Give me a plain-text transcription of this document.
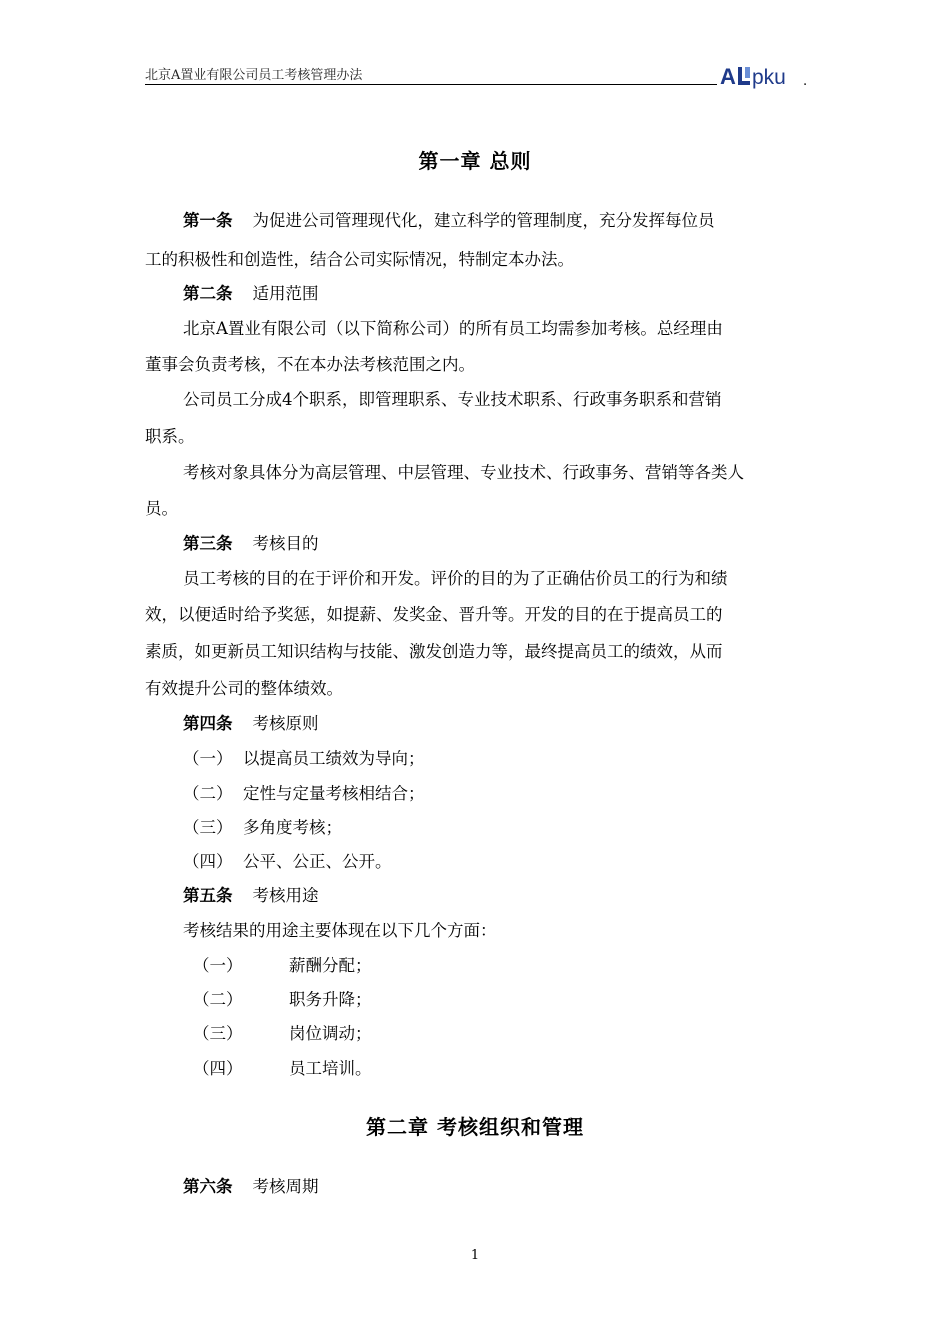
北京A置业有限公司员工考核管理办法	A pku .
第一章 总则
第一条 为促进公司管理现代化，建立科学的管理制度，充分发挥每位员
工的积极性和创造性，结合公司实际情况，特制定本办法。
第二条 适用范围
北京A置业有限公司（以下简称公司）的所有员工均需参加考核。总经理由
董事会负责考核，不在本办法考核范围之内。
公司员工分成4个职系，即管理职系、专业技术职系、行政事务职系和营销
职系。
考核对象具体分为高层管理、中层管理、专业技术、行政事务、营销等各类人
员。
第三条 考核目的
员工考核的目的在于评价和开发。评价的目的为了正确估价员工的行为和绩
效，以便适时给予奖惩，如提薪、发奖金、晋升等。开发的目的在于提高员工的
素质，如更新员工知识结构与技能、激发创造力等，最终提高员工的绩效，从而
有效提升公司的整体绩效。
第四条 考核原则
（一） 以提高员工绩效为导向；
（二） 定性与定量考核相结合；
（三） 多角度考核；
（四） 公平、公正、公开。
第五条 考核用途
考核结果的用途主要体现在以下几个方面：
（一）	薪酬分配；
（二）	职务升降；
（三）	岗位调动；
（四）	员工培训。
第二章 考核组织和管理
第六条 考核周期
1
